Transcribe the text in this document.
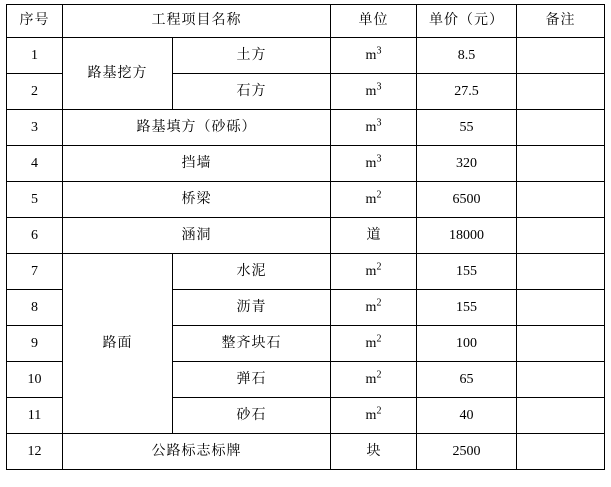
序号	工程项目名称		单位	单价（元）	备注
1	路基挖方	土方	$m^3$	8.5	
2		石方	$m^3$	27.5	
3	路基填方（砂砾）		$m^3$	55	
4	挡墙		$m^3$	320	
5	桥梁		$m^2$	6500	
6	涵洞		道	18000	
7	路面	水泥	$m^2$	155	
8		沥青	$m^2$	155	
9		整齐块石	$m^2$	100	
10		弹石	$m^2$	65	
11		砂石	$m^2$	40	
12	公路标志标牌		块	2500	
